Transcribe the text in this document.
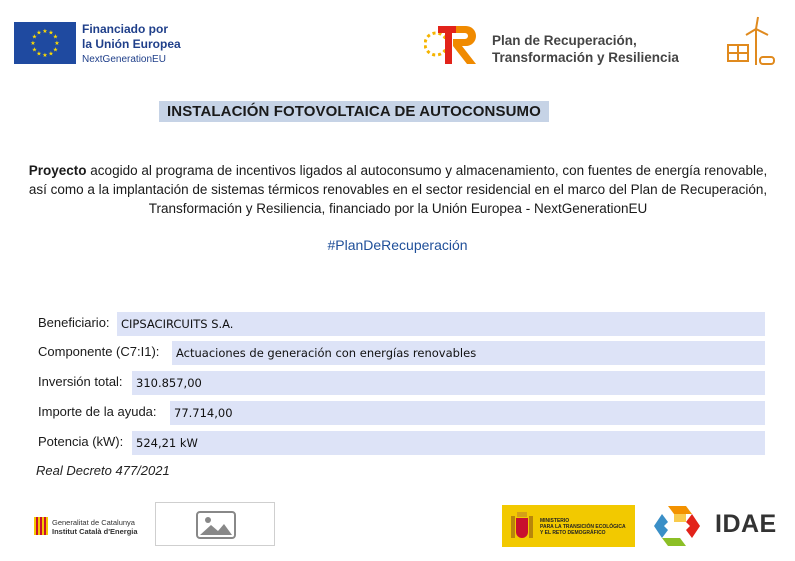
★ ★
★
★
★
★
★
★
★
★
★
★	Financiado por
la Unión Europea
NextGenerationEU
Plan de Recuperación,
Transformación y Resiliencia
INSTALACIÓN FOTOVOLTAICA DE AUTOCONSUMO
Proyecto acogido al programa de incentivos ligados al autoconsumo y almacenamiento, con fuentes de energía renovable, así como a la implantación de sistemas térmicos renovables en el sector residencial en el marco del Plan de Recuperación, Transformación y Resiliencia, financiado por la Unión Europea - NextGenerationEU
#PlanDeRecuperación
Beneficiario: CIPSACIRCUITS S.A.
Componente (C7:I1):	Actuaciones de generación con energías renovables
Inversión total:	310.857,00
Importe de la ayuda:	77.714,00
Potencia (kW):	524,21 kW
Real Decreto 477/2021
Generalitat de Catalunya
Institut Català d'Energia
MINISTERIO
PARA LA TRANSICIÓN ECOLÓGICA
Y EL RETO DEMOGRÁFICO	IDAE
